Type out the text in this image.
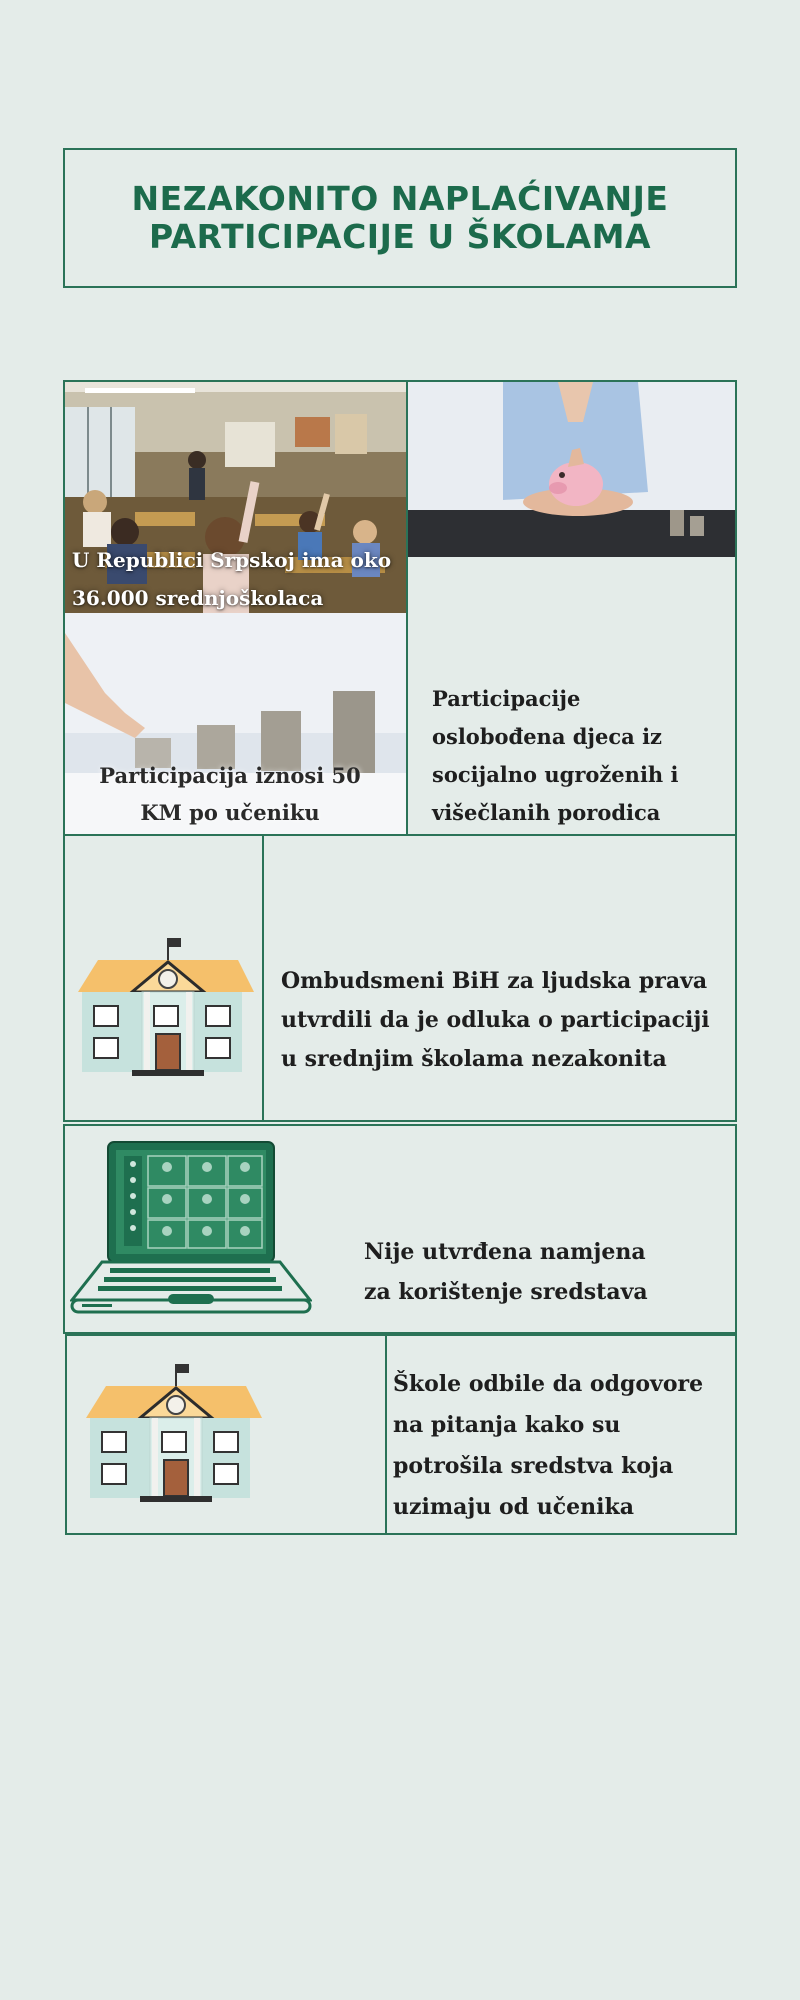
NEZAKONITO NAPLAĆIVANJE
PARTICIPACIJE U ŠKOLAMA
U Republici Srpskoj ima oko 36.000 srednjoškolaca
Participacija iznosi 50 KM po učeniku
Participacije oslobođena djeca iz socijalno ugroženih i višečlanih porodica
Ombudsmeni BiH za ljudska prava utvrdili da je odluka o participaciji u srednjim školama nezakonita
Nije utvrđena namjena
za korištenje sredstava
Škole odbile da odgovore na pitanja kako su potrošila sredstva koja uzimaju od učenika
